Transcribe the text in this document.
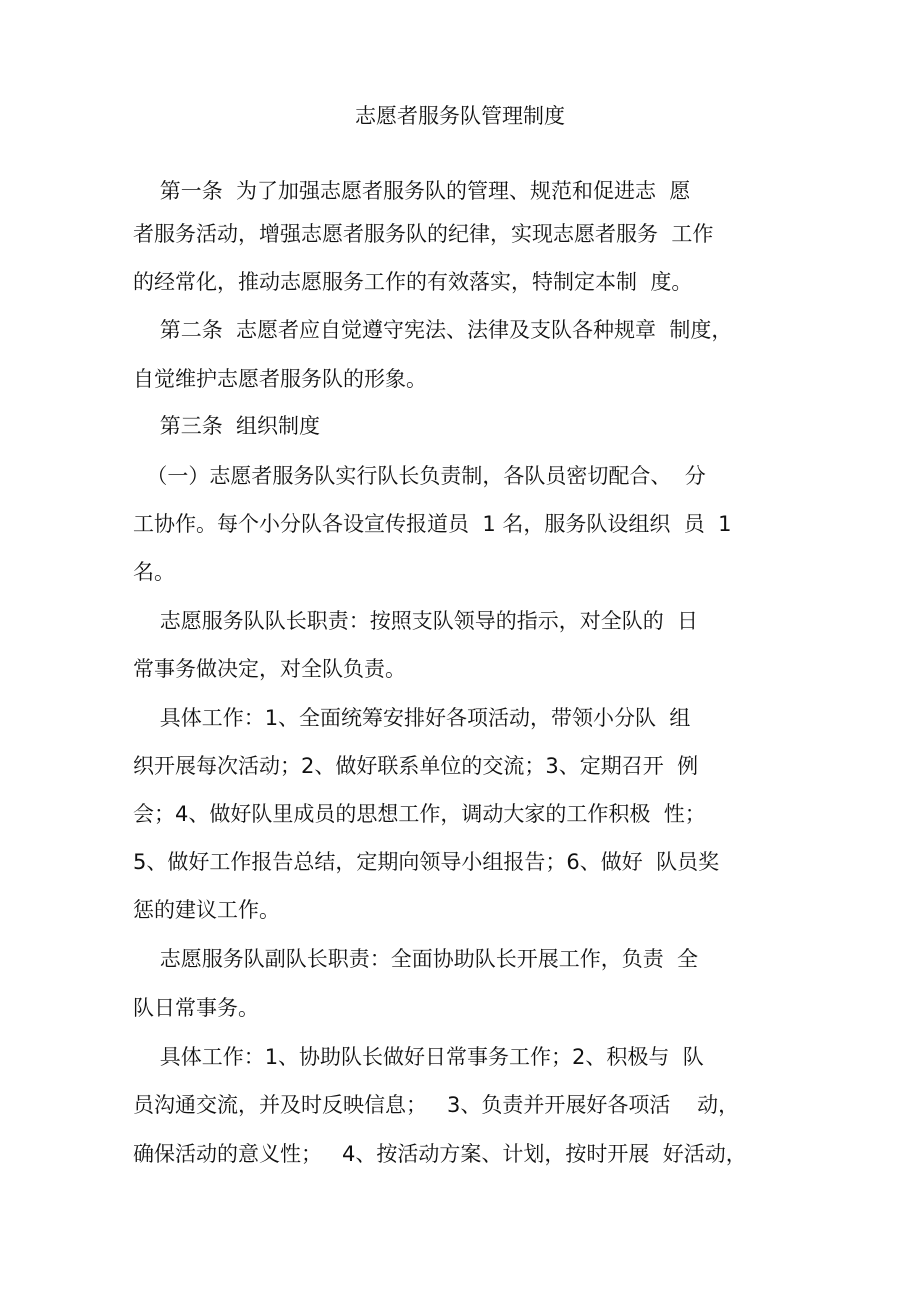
志愿者服务队管理制度
第一条  为了加强志愿者服务队的管理、规范和促进志  愿
者服务活动，增强志愿者服务队的纪律，实现志愿者服务  工作
的经常化，推动志愿服务工作的有效落实，特制定本制  度。
第二条  志愿者应自觉遵守宪法、法律及支队各种规章  制度，
自觉维护志愿者服务队的形象。
第三条  组织制度
（一）志愿者服务队实行队长负责制，各队员密切配合、  分
工协作。每个小分队各设宣传报道员  1 名，服务队设组织  员  1
名。
志愿服务队队长职责：按照支队领导的指示，对全队的  日
常事务做决定，对全队负责。
具体工作：1、全面统筹安排好各项活动，带领小分队  组
织开展每次活动；2、做好联系单位的交流；3、定期召开  例
会；4、做好队里成员的思想工作，调动大家的工作积极  性；
5、做好工作报告总结，定期向领导小组报告；6、做好  队员奖
惩的建议工作。
志愿服务队副队长职责：全面协助队长开展工作，负责  全
队日常事务。
具体工作：1、协助队长做好日常事务工作；2、积极与  队
员沟通交流，并及时反映信息；   3、负责并开展好各项活    动，
确保活动的意义性；   4、按活动方案、计划，按时开展  好活动，
